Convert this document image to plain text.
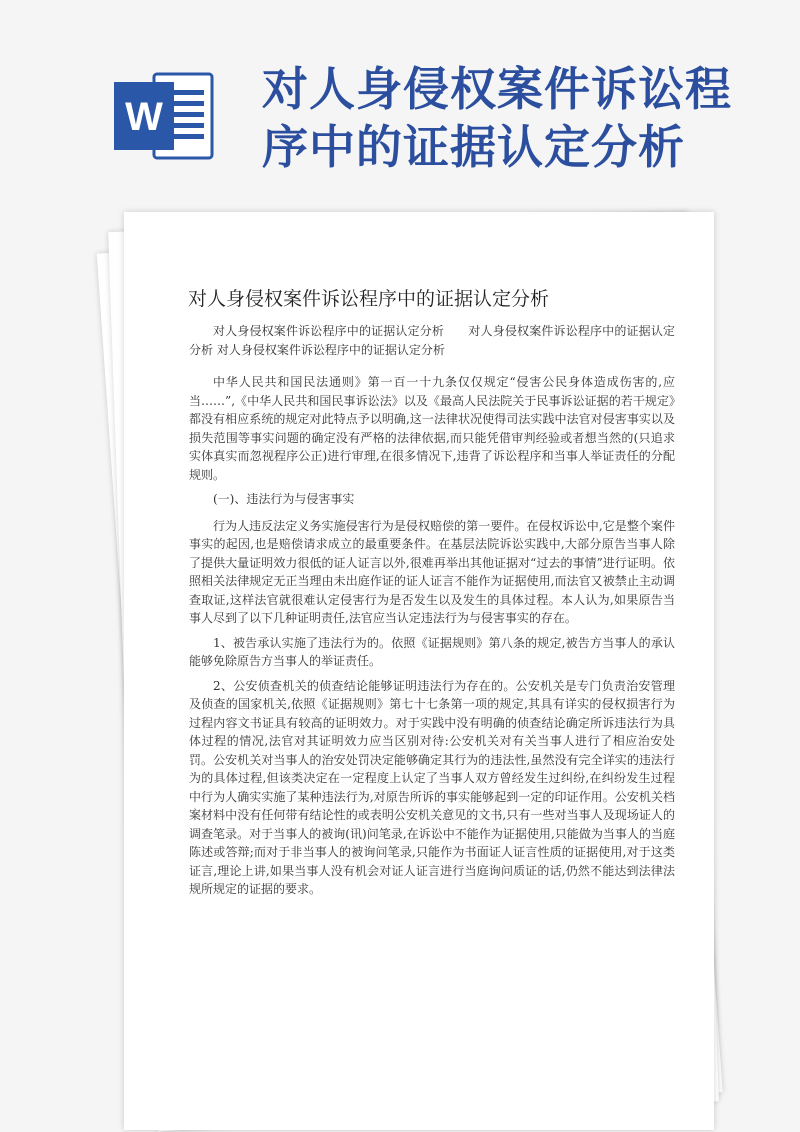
W
对人身侵权案件诉讼程序中的证据认定分析
对人身侵权案件诉讼程序中的证据认定分析

对人身侵权案件诉讼程序中的证据认定分析　　对人身侵权案件诉讼程序中的证据认定分析 对人身侵权案件诉讼程序中的证据认定分析

中华人民共和国民法通则》第一百一十九条仅仅规定“侵害公民身体造成伤害的,应当……”,《中华人民共和国民事诉讼法》以及《最高人民法院关于民事诉讼证据的若干规定》都没有相应系统的规定对此特点予以明确,这一法律状况使得司法实践中法官对侵害事实以及损失范围等事实问题的确定没有严格的法律依据,而只能凭借审判经验或者想当然的(只追求实体真实而忽视程序公正)进行审理,在很多情况下,违背了诉讼程序和当事人举证责任的分配规则。

(一)、违法行为与侵害事实

行为人违反法定义务实施侵害行为是侵权赔偿的第一要件。在侵权诉讼中,它是整个案件事实的起因,也是赔偿请求成立的最重要条件。在基层法院诉讼实践中,大部分原告当事人除了提供大量证明效力很低的证人证言以外,很难再举出其他证据对“过去的事情”进行证明。依照相关法律规定无正当理由未出庭作证的证人证言不能作为证据使用,而法官又被禁止主动调查取证,这样法官就很难认定侵害行为是否发生以及发生的具体过程。本人认为,如果原告当事人尽到了以下几种证明责任,法官应当认定违法行为与侵害事实的存在。

1、被告承认实施了违法行为的。依照《证据规则》第八条的规定,被告方当事人的承认能够免除原告方当事人的举证责任。

2、公安侦查机关的侦查结论能够证明违法行为存在的。公安机关是专门负责治安管理及侦查的国家机关,依照《证据规则》第七十七条第一项的规定,其具有详实的侵权损害行为过程内容文书证具有较高的证明效力。对于实践中没有明确的侦查结论确定所诉违法行为具体过程的情况,法官对其证明效力应当区别对待:公安机关对有关当事人进行了相应治安处罚。公安机关对当事人的治安处罚决定能够确定其行为的违法性,虽然没有完全详实的违法行为的具体过程,但该类决定在一定程度上认定了当事人双方曾经发生过纠纷,在纠纷发生过程中行为人确实实施了某种违法行为,对原告所诉的事实能够起到一定的印证作用。公安机关档案材料中没有任何带有结论性的或表明公安机关意见的文书,只有一些对当事人及现场证人的调查笔录。对于当事人的被询(讯)问笔录,在诉讼中不能作为证据使用,只能做为当事人的当庭陈述或答辩;而对于非当事人的被询问笔录,只能作为书面证人证言性质的证据使用,对于这类证言,理论上讲,如果当事人没有机会对证人证言进行当庭询问质证的话,仍然不能达到法律法规所规定的证据的要求。
